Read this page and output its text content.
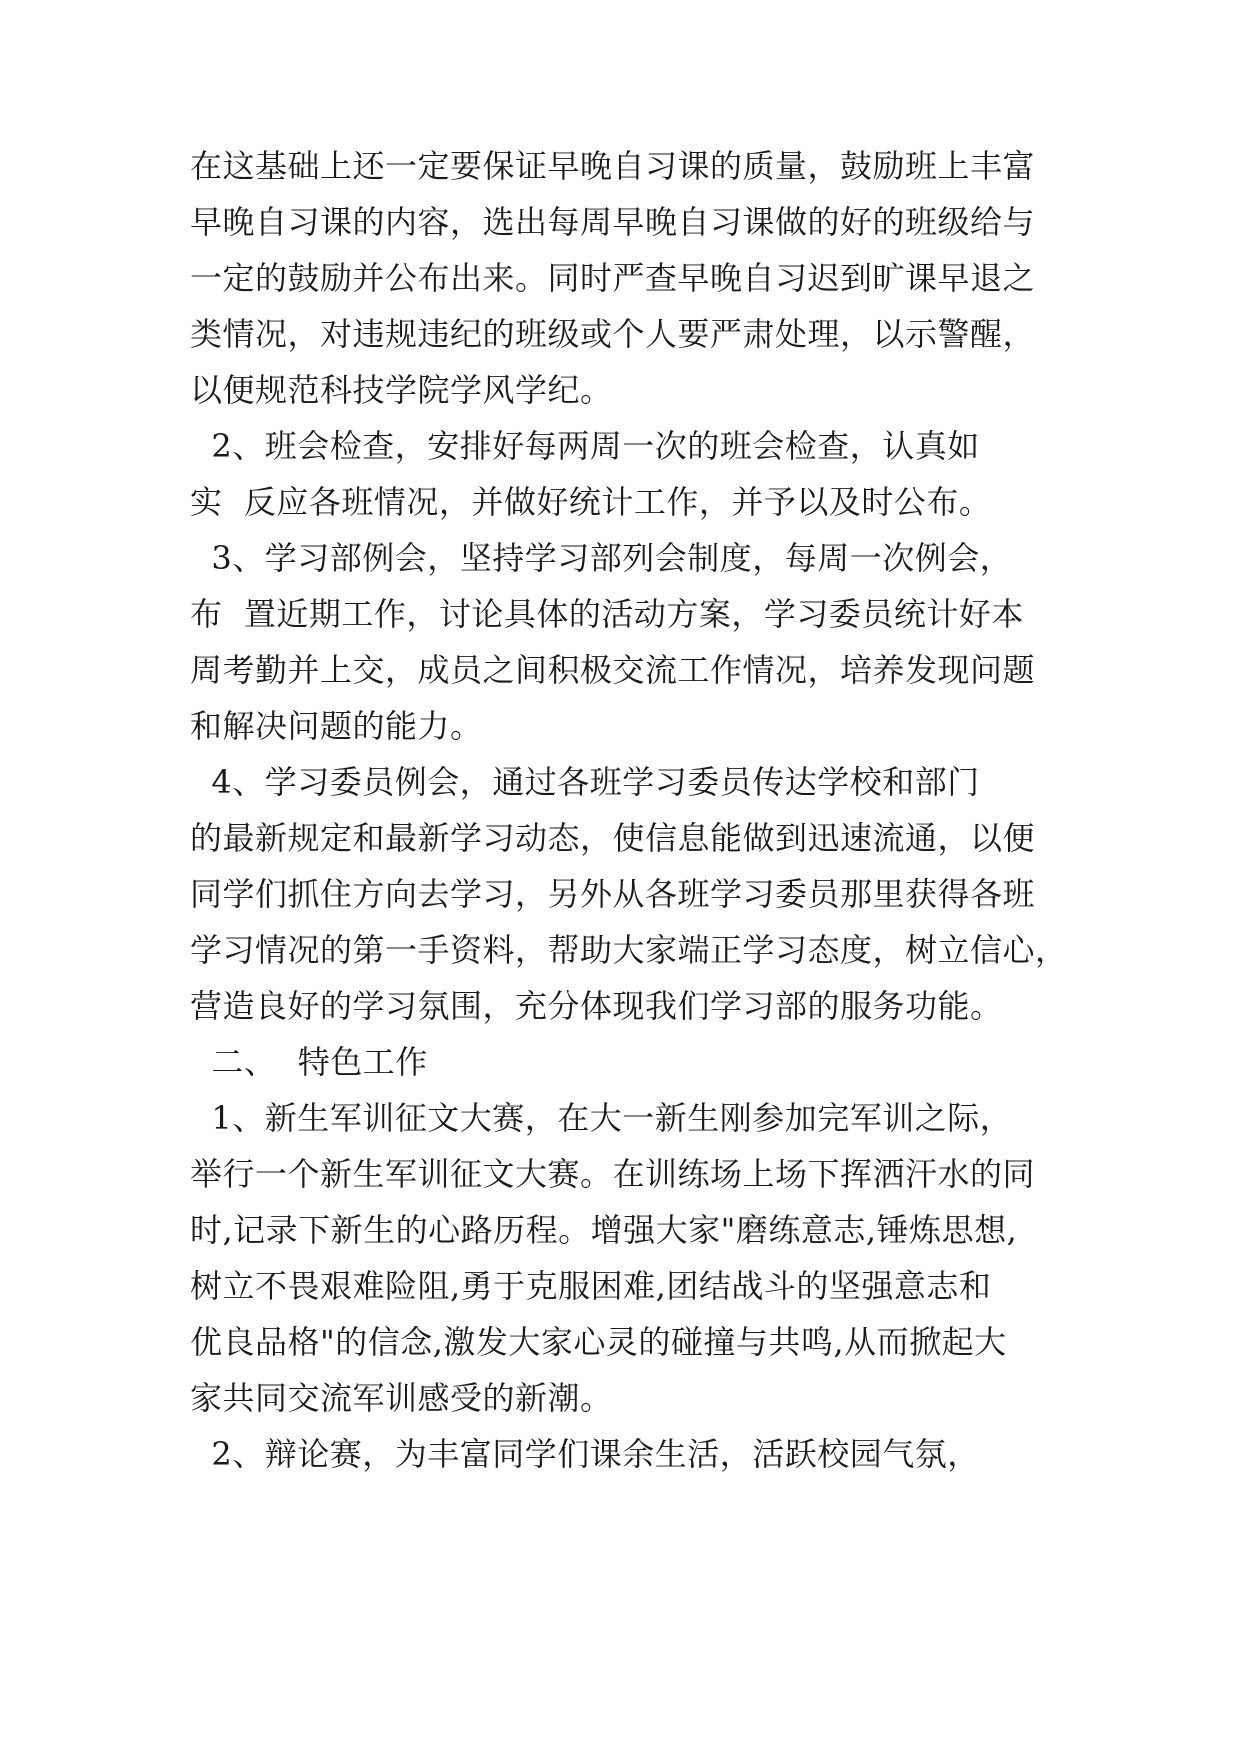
在这基础上还一定要保证早晚自习课的质量，鼓励班上丰富
早晚自习课的内容，选出每周早晚自习课做的好的班级给与
一定的鼓励并公布出来。同时严查早晚自习迟到旷课早退之
类情况，对违规违纪的班级或个人要严肃处理，以示警醒，
以便规范科技学院学风学纪。
2、班会检查，安排好每两周一次的班会检查，认真如
实  反应各班情况，并做好统计工作，并予以及时公布。
3、学习部例会，坚持学习部列会制度，每周一次例会，
布  置近期工作，讨论具体的活动方案，学习委员统计好本
周考勤并上交，成员之间积极交流工作情况，培养发现问题
和解决问题的能力。
4、学习委员例会，通过各班学习委员传达学校和部门
的最新规定和最新学习动态，使信息能做到迅速流通，以便
同学们抓住方向去学习，另外从各班学习委员那里获得各班
学习情况的第一手资料，帮助大家端正学习态度，树立信心，
营造良好的学习氛围，充分体现我们学习部的服务功能。
二、  特色工作
1、新生军训征文大赛，在大一新生刚参加完军训之际，
举行一个新生军训征文大赛。在训练场上场下挥洒汗水的同
时,记录下新生的心路历程。增强大家"磨练意志,锤炼思想,
树立不畏艰难险阻,勇于克服困难,团结战斗的坚强意志和
优良品格"的信念,激发大家心灵的碰撞与共鸣,从而掀起大
家共同交流军训感受的新潮。
2、辩论赛，为丰富同学们课余生活，活跃校园气氛，
